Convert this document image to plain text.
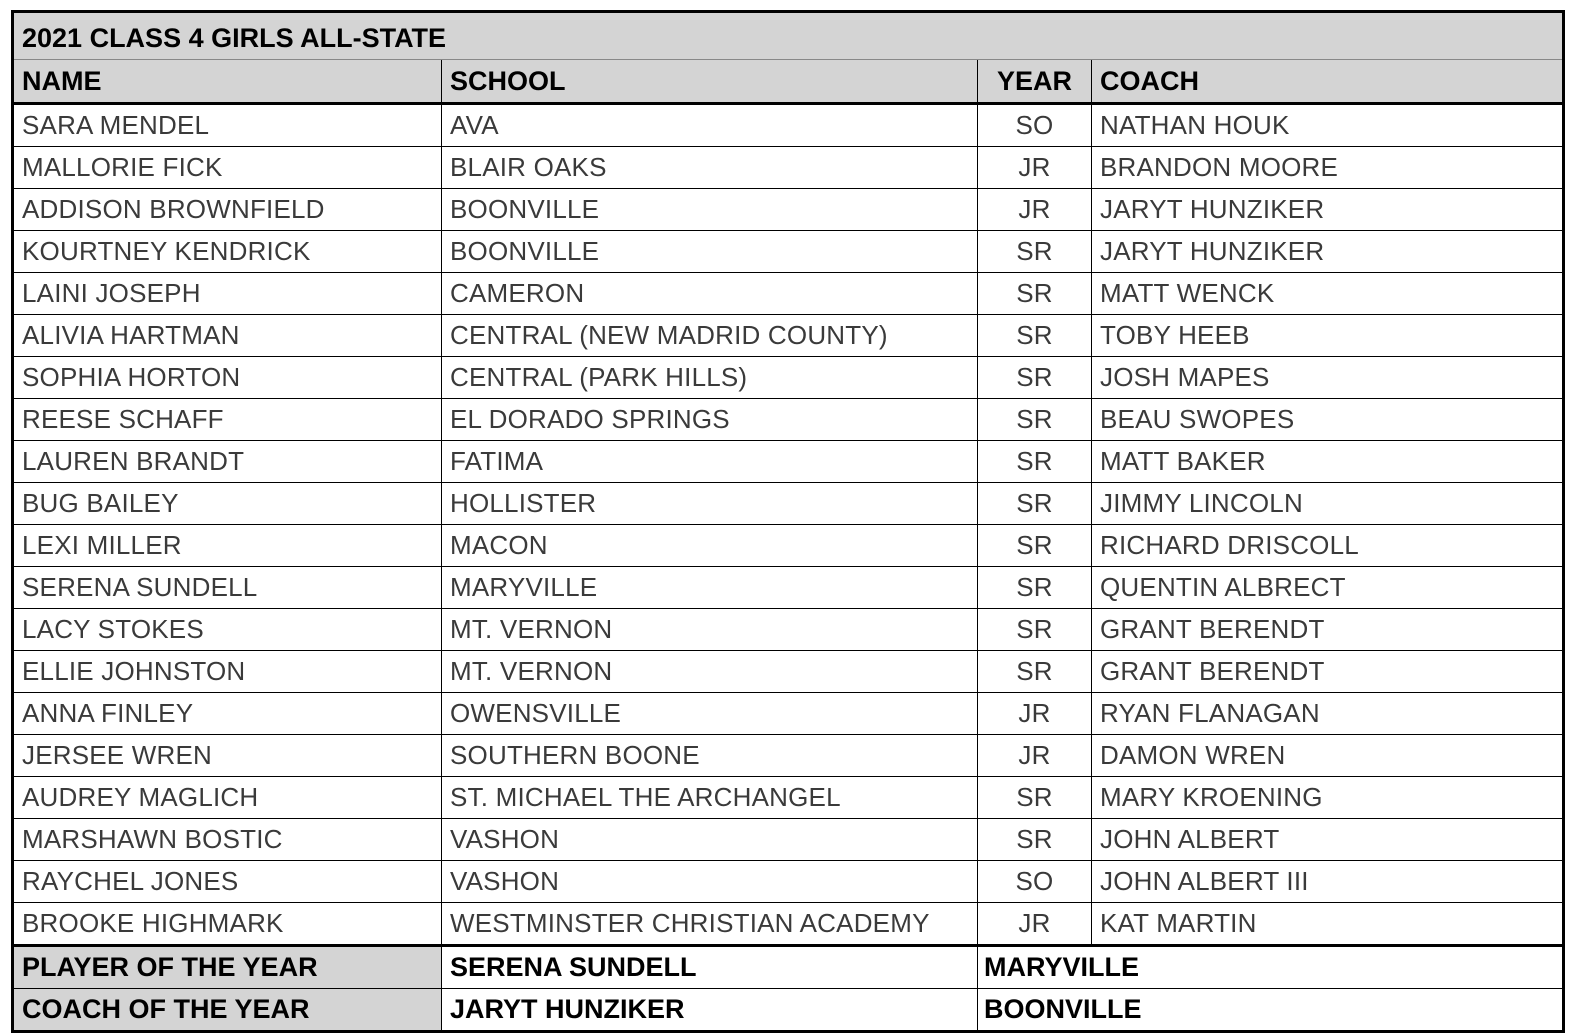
2021 CLASS 4 GIRLS ALL-STATE			
NAME	SCHOOL	YEAR	COACH
SARA MENDEL	AVA	SO	NATHAN HOUK
MALLORIE FICK	BLAIR OAKS	JR	BRANDON MOORE
ADDISON BROWNFIELD	BOONVILLE	JR	JARYT HUNZIKER
KOURTNEY KENDRICK	BOONVILLE	SR	JARYT HUNZIKER
LAINI JOSEPH	CAMERON	SR	MATT WENCK
ALIVIA HARTMAN	CENTRAL (NEW MADRID COUNTY)	SR	TOBY HEEB
SOPHIA HORTON	CENTRAL (PARK HILLS)	SR	JOSH MAPES
REESE SCHAFF	EL DORADO SPRINGS	SR	BEAU SWOPES
LAUREN BRANDT	FATIMA	SR	MATT BAKER
BUG BAILEY	HOLLISTER	SR	JIMMY LINCOLN
LEXI MILLER	MACON	SR	RICHARD DRISCOLL
SERENA SUNDELL	MARYVILLE	SR	QUENTIN ALBRECT
LACY STOKES	MT. VERNON	SR	GRANT BERENDT
ELLIE JOHNSTON	MT. VERNON	SR	GRANT BERENDT
ANNA FINLEY	OWENSVILLE	JR	RYAN FLANAGAN
JERSEE WREN	SOUTHERN BOONE	JR	DAMON WREN
AUDREY MAGLICH	ST. MICHAEL THE ARCHANGEL	SR	MARY KROENING
MARSHAWN BOSTIC	VASHON	SR	JOHN ALBERT
RAYCHEL JONES	VASHON	SO	JOHN ALBERT III
BROOKE HIGHMARK	WESTMINSTER CHRISTIAN ACADEMY	JR	KAT MARTIN
PLAYER OF THE YEAR	SERENA SUNDELL	MARYVILLE	
COACH OF THE YEAR	JARYT HUNZIKER	BOONVILLE	
